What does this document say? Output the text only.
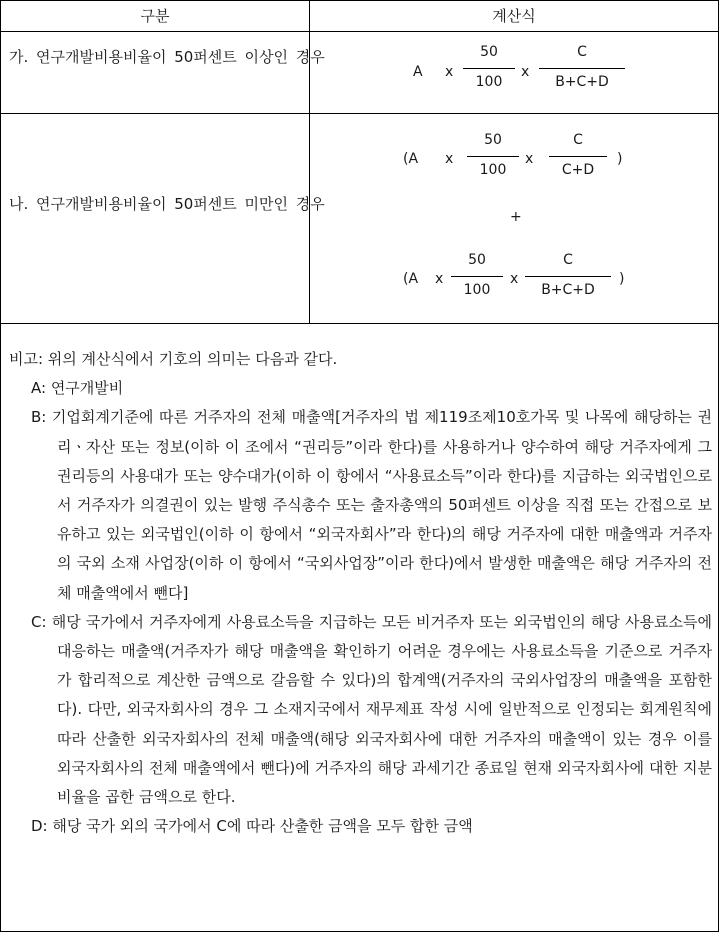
구분	계산식
가. 연구개발비용비율이 50퍼센트 이상인 경우
A x
50
100
x
C
B+C+D
나. 연구개발비용비율이 50퍼센트 미만인 경우
(A x
50
100
x
C
C+D
)
+
(A x
50
100
x
C
B+C+D
)

비고: 위의 계산식에서 기호의 의미는 다음과 같다.

A: 연구개발비

B: 기업회계기준에 따른 거주자의 전체 매출액[거주자의 법 제119조제10호가목 및 나목에 해당하는 권리ㆍ자산 또는 정보(이하 이 조에서 “권리등”이라 한다)를 사용하거나 양수하여 해당 거주자에게 그 권리등의 사용대가 또는 양수대가(이하 이 항에서 “사용료소득”이라 한다)를 지급하는 외국법인으로서 거주자가 의결권이 있는 발행 주식총수 또는 출자총액의 50퍼센트 이상을 직접 또는 간접으로 보유하고 있는 외국법인(이하 이 항에서 “외국자회사”라 한다)의 해당 거주자에 대한 매출액과 거주자의 국외 소재 사업장(이하 이 항에서 “국외사업장”이라 한다)에서 발생한 매출액은 해당 거주자의 전체 매출액에서 뺀다]

C: 해당 국가에서 거주자에게 사용료소득을 지급하는 모든 비거주자 또는 외국법인의 해당 사용료소득에 대응하는 매출액(거주자가 해당 매출액을 확인하기 어려운 경우에는 사용료소득을 기준으로 거주자가 합리적으로 계산한 금액으로 갈음할 수 있다)의 합계액(거주자의 국외사업장의 매출액을 포함한다). 다만, 외국자회사의 경우 그 소재지국에서 재무제표 작성 시에 일반적으로 인정되는 회계원칙에 따라 산출한 외국자회사의 전체 매출액(해당 외국자회사에 대한 거주자의 매출액이 있는 경우 이를 외국자회사의 전체 매출액에서 뺀다)에 거주자의 해당 과세기간 종료일 현재 외국자회사에 대한 지분비율을 곱한 금액으로 한다.

D: 해당 국가 외의 국가에서 C에 따라 산출한 금액을 모두 합한 금액
